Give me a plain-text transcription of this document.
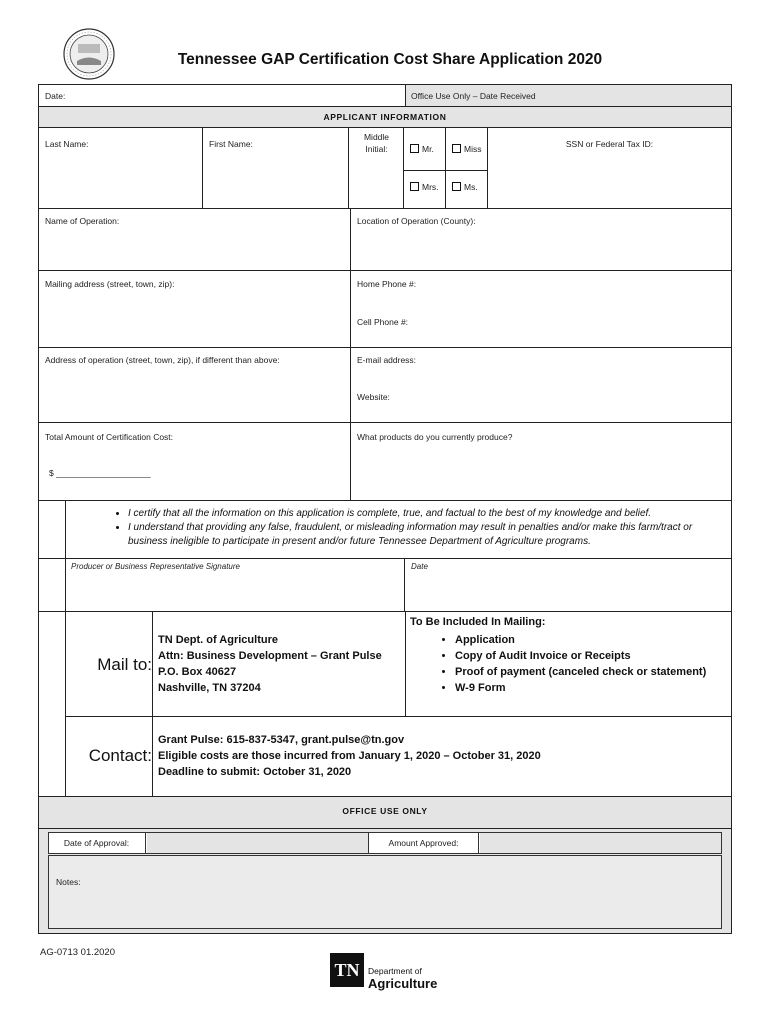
Tennessee GAP Certification Cost Share Application 2020
Date:	Office Use Only – Date Received
APPLICANT INFORMATION
Last Name:	First Name:
Middle
Initial:	Mr.	Miss
Mrs.	Ms.
SSN or Federal Tax ID:
Name of Operation:	Location of Operation (County):
Mailing address (street, town, zip):	Home Phone #:
Cell Phone #:
Address of operation (street, town, zip), if different than above:	E-mail address:
Website:
Total Amount of Certification Cost:
$ ____________________
What products do you currently produce?
• I certify that all the information on this application is complete, true, and factual to the best of my knowledge and belief.
• I understand that providing any false, fraudulent, or misleading information may result in penalties and/or make this farm/tract or business ineligible to participate in present and/or future Tennessee Department of Agriculture programs.
Producer or Business Representative Signature	Date
Mail to:
TN Dept. of Agriculture
Attn: Business Development – Grant Pulse
P.O. Box 40627
Nashville, TN 37204
To Be Included In Mailing:
• Application
• Copy of Audit Invoice or Receipts
• Proof of payment (canceled check or statement)
• W-9 Form
Contact:
Grant Pulse: 615-837-5347, grant.pulse@tn.gov
Eligible costs are those incurred from January 1, 2020 – October 31, 2020
Deadline to submit: October 31, 2020
OFFICE USE ONLY
Date of Approval:	Amount Approved:
Notes:
AG-0713 01.2020
TN	Department of
Agriculture
